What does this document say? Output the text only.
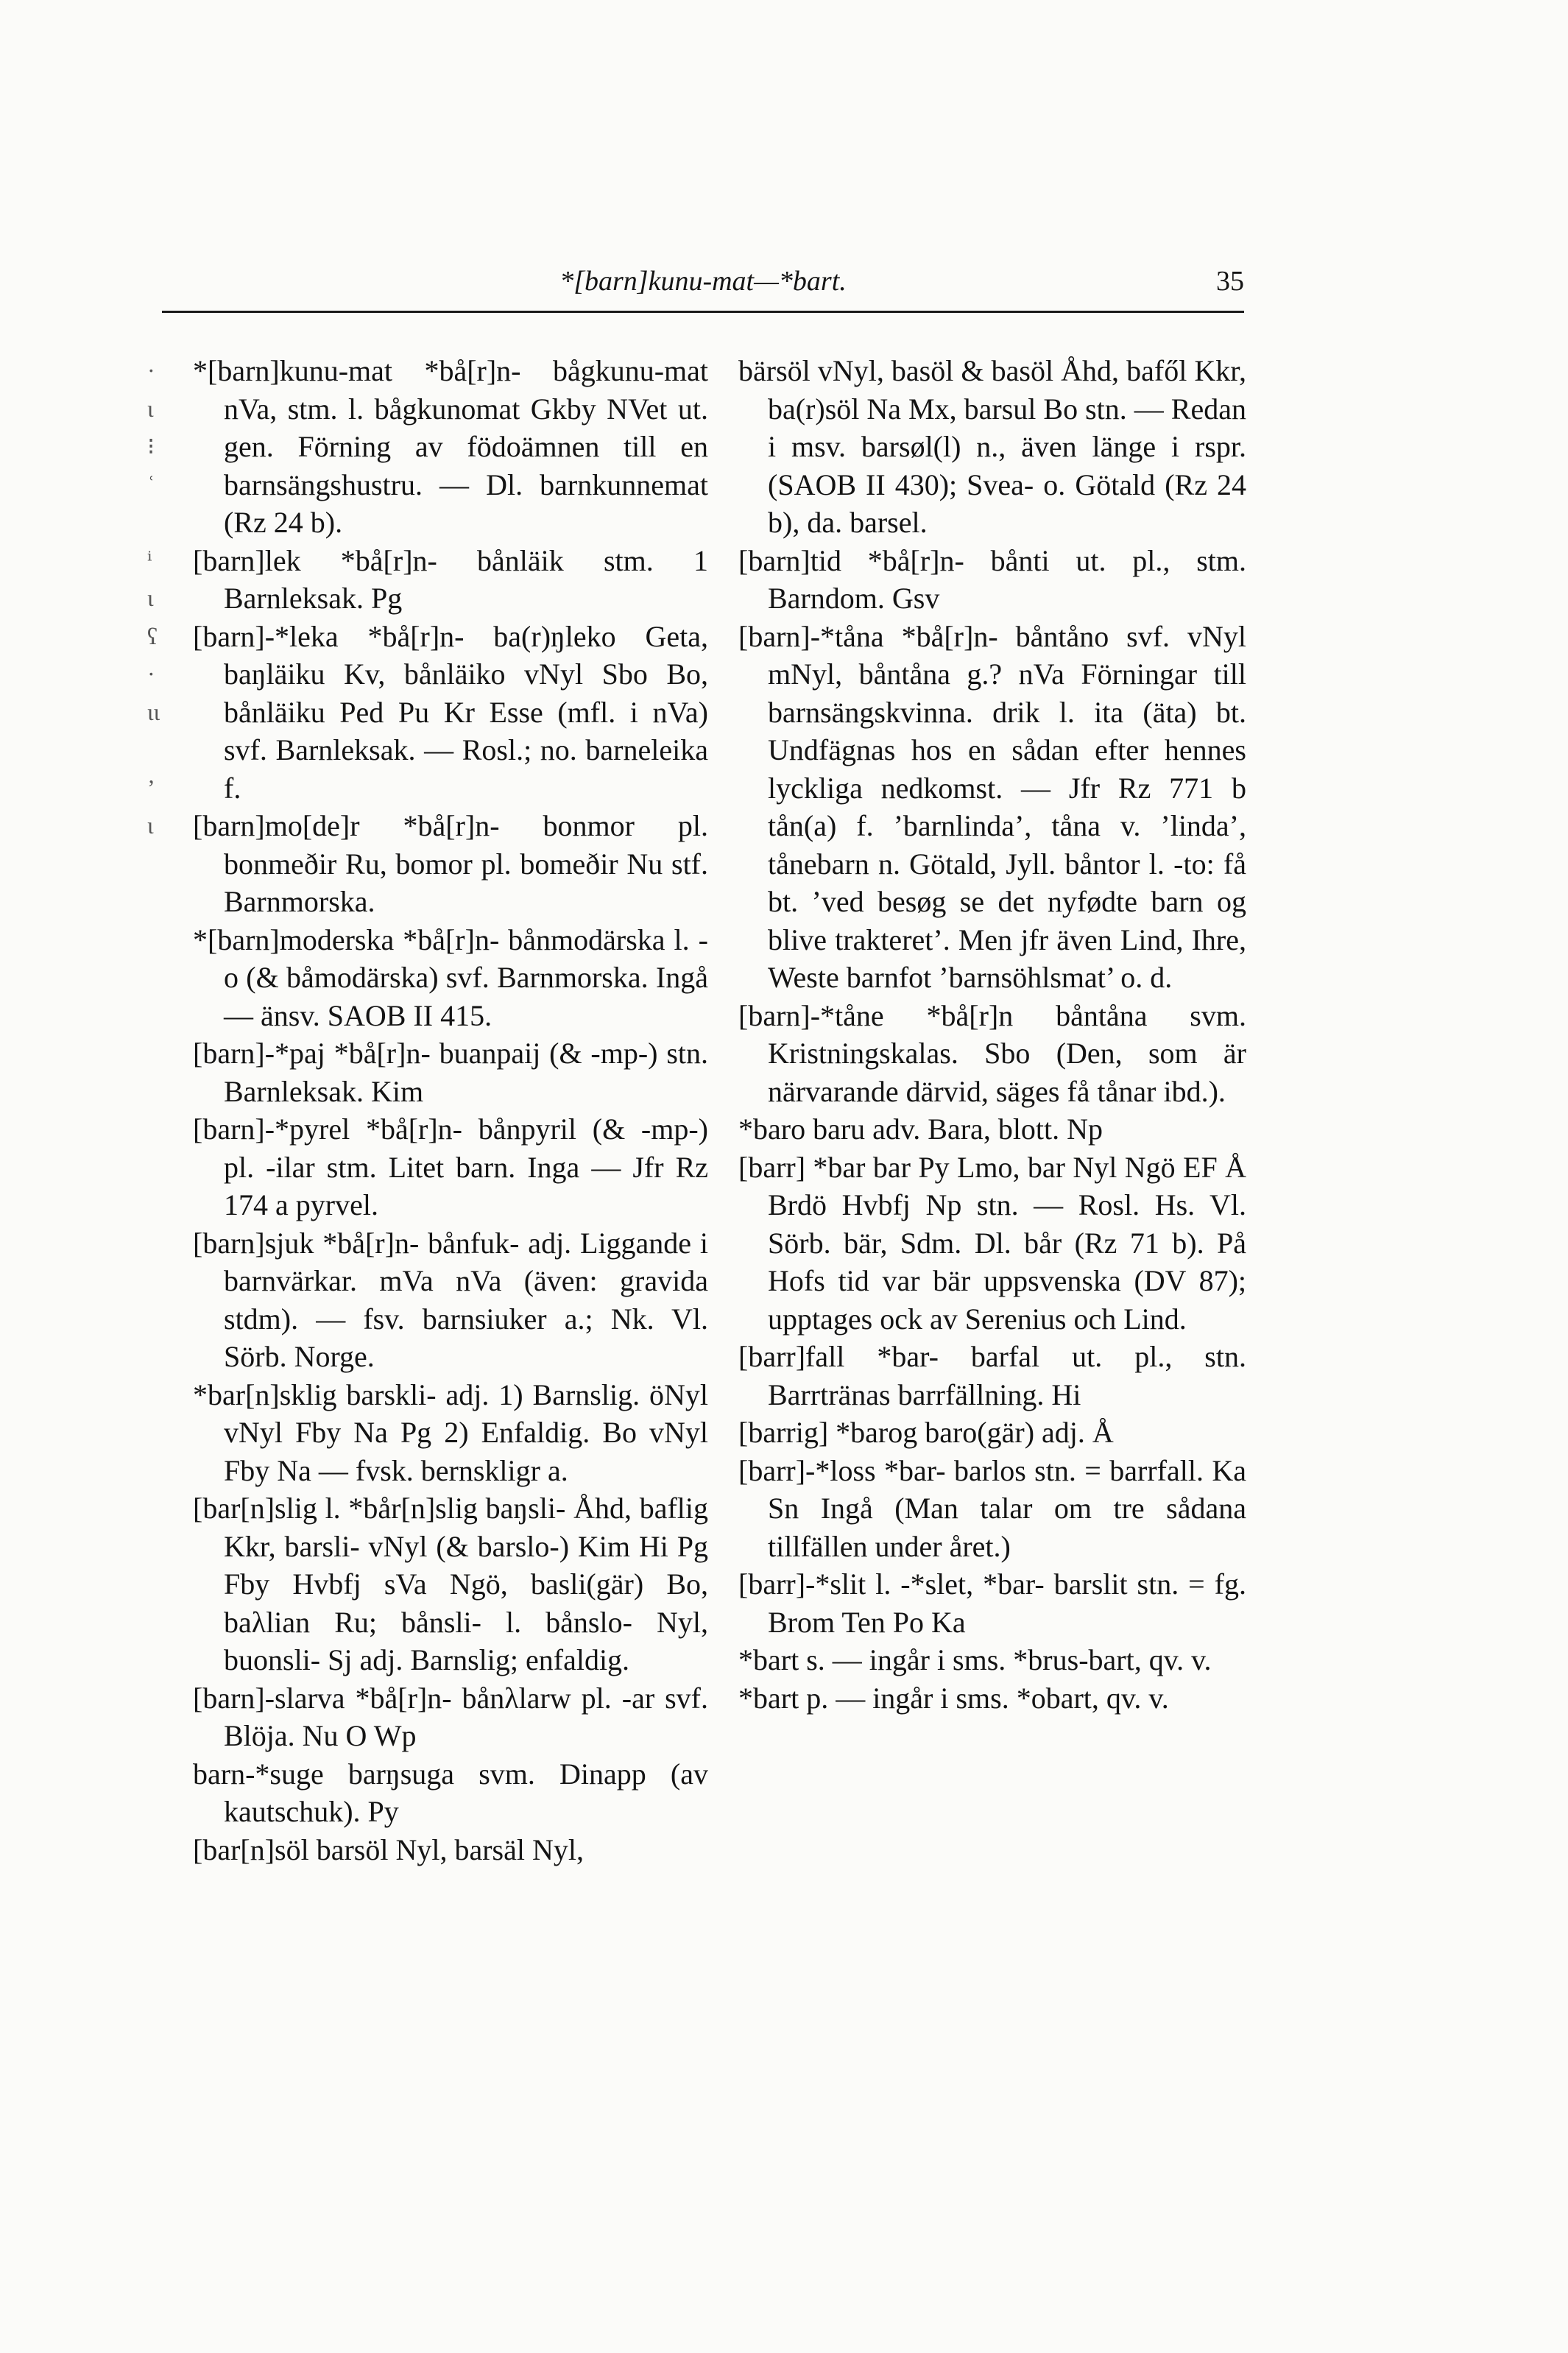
*[barn]kunu-mat—*bart.	35
·
ɩ
⁝
ʿ

ⁱ
ɩ
ʕ
·
ɩɩ

ʼ
ɩ

*[barn]kunu-mat *bå[r]n- bågkunu-mat nVa, stm. l. bågkunomat Gkby NVet ut. gen. Förning av födoämnen till en barnsängshustru. — Dl. barnkunnemat (Rz 24 b).

[barn]lek *bå[r]n- bånläik stm. 1 Barnleksak. Pg

[barn]-*leka *bå[r]n- ba(r)ŋleko Geta, baŋläiku Kv, bånläiko vNyl Sbo Bo, bånläiku Ped Pu Kr Esse (mfl. i nVa) svf. Barnleksak. — Rosl.; no. barneleika f.

[barn]mo[de]r *bå[r]n- bonmor pl. bonmeðir Ru, bomor pl. bomeðir Nu stf. Barnmorska.

*[barn]moderska *bå[r]n- bånmodärska l. -o (& båmodärska) svf. Barnmorska. Ingå — änsv. SAOB II 415.

[barn]-*paj *bå[r]n- buanpaij (& -mp-) stn. Barnleksak. Kim

[barn]-*pyrel *bå[r]n- bånpyril (& -mp-) pl. -ilar stm. Litet barn. Inga — Jfr Rz 174 a pyrvel.

[barn]sjuk *bå[r]n- bånfuk- adj. Liggande i barnvärkar. mVa nVa (även: gravida stdm). — fsv. barnsiuker a.; Nk. Vl. Sörb. Norge.

*bar[n]sklig barskli- adj. 1) Barnslig. öNyl vNyl Fby Na Pg 2) Enfaldig. Bo vNyl Fby Na — fvsk. bernskligr a.

[bar[n]slig l. *bår[n]slig baŋsli- Åhd, baflig Kkr, barsli- vNyl (& barslo-) Kim Hi Pg Fby Hvbfj sVa Ngö, basli(gär) Bo, baλlian Ru; bånsli- l. bånslo- Nyl, buonsli- Sj adj. Barnslig; enfaldig.

[barn]-slarva *bå[r]n- bånλlarw pl. -ar svf. Blöja. Nu O Wp

barn-*suge barŋsuga svm. Dinapp (av kautschuk). Py

[bar[n]söl barsöl Nyl, barsäl Nyl,

bärsöl vNyl, basöl & basöl Åhd, bafől Kkr, ba(r)söl Na Mx, barsul Bo stn. — Redan i msv. barsøl(l) n., även länge i rspr. (SAOB II 430); Svea- o. Götald (Rz 24 b), da. barsel.

[barn]tid *bå[r]n- bånti ut. pl., stm. Barndom. Gsv

[barn]-*tåna *bå[r]n- båntåno svf. vNyl mNyl, båntåna g.? nVa Förningar till barnsängskvinna. drik l. ita (äta) bt. Undfägnas hos en sådan efter hennes lyckliga nedkomst. — Jfr Rz 771 b tån(a) f. ’barnlinda’, tåna v. ’linda’, tånebarn n. Götald, Jyll. båntor l. -to: få bt. ’ved besøg se det nyfødte barn og blive trakteret’. Men jfr även Lind, Ihre, Weste barnfot ’barnsöhlsmat’ o. d.

[barn]-*tåne *bå[r]n båntåna svm. Kristningskalas. Sbo (Den, som är närvarande därvid, säges få tånar ibd.).

*baro baru adv. Bara, blott. Np

[barr] *bar bar Py Lmo, bar Nyl Ngö EF Å Brdö Hvbfj Np stn. — Rosl. Hs. Vl. Sörb. bär, Sdm. Dl. bår (Rz 71 b). På Hofs tid var bär uppsvenska (DV 87); upptages ock av Serenius och Lind.

[barr]fall *bar- barfal ut. pl., stn. Barrtränas barrfällning. Hi

[barrig] *barog baro(gär) adj. Å

[barr]-*loss *bar- barlos stn. = barrfall. Ka Sn Ingå (Man talar om tre sådana tillfällen under året.)

[barr]-*slit l. -*slet, *bar- barslit stn. = fg. Brom Ten Po Ka

*bart s. — ingår i sms. *brus-bart, qv. v.

*bart p. — ingår i sms. *obart, qv. v.
